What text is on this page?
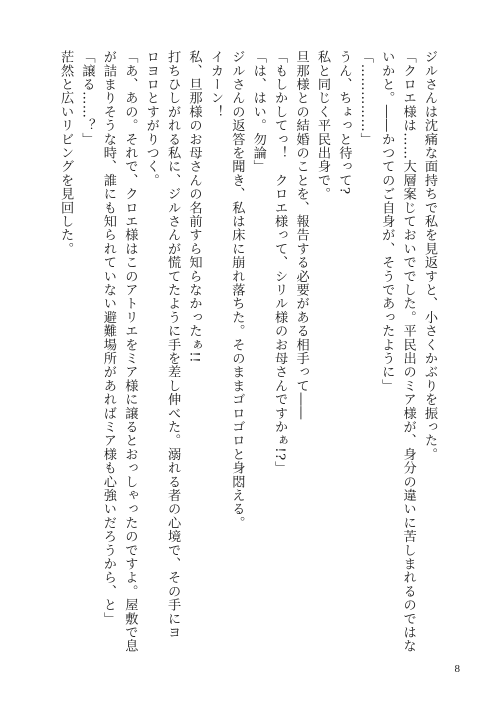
ジルさんは沈痛な面持ちで私を見返すと、小さくかぶりを振った。
「クロエ様は……大層案じておいででした。平民出のミア様が、身分の違いに苦しまれるのではな
いかと。――かつてのご自身が、そうであったように」
「……………」
うん、ちょっと待って?
私と同じく平民出身で。
旦那様との結婚のことを、報告する必要がある相手って――
「もしかしてっ！　クロエ様って、シリル様のお母さんですかぁ!?」
「は、はい。勿論」
ジルさんの返答を聞き、私は床に崩れ落ちた。そのままゴロゴロと身悶える。
イカーン！
私、旦那様のお母さんの名前すら知らなかったぁ!!
打ちひしがれる私に、ジルさんが慌てたように手を差し伸べた。溺れる者の心境で、その手にヨ
ロヨロとすがりつく。
「あ、あの。それで、クロエ様はこのアトリエをミア様に譲るとおっしゃったのですよ。屋敷で息
が詰まりそうな時、誰にも知られていない避難場所があればミア様も心強いだろうから、と」
「譲る……？」
茫然と広いリビングを見回した。
8
